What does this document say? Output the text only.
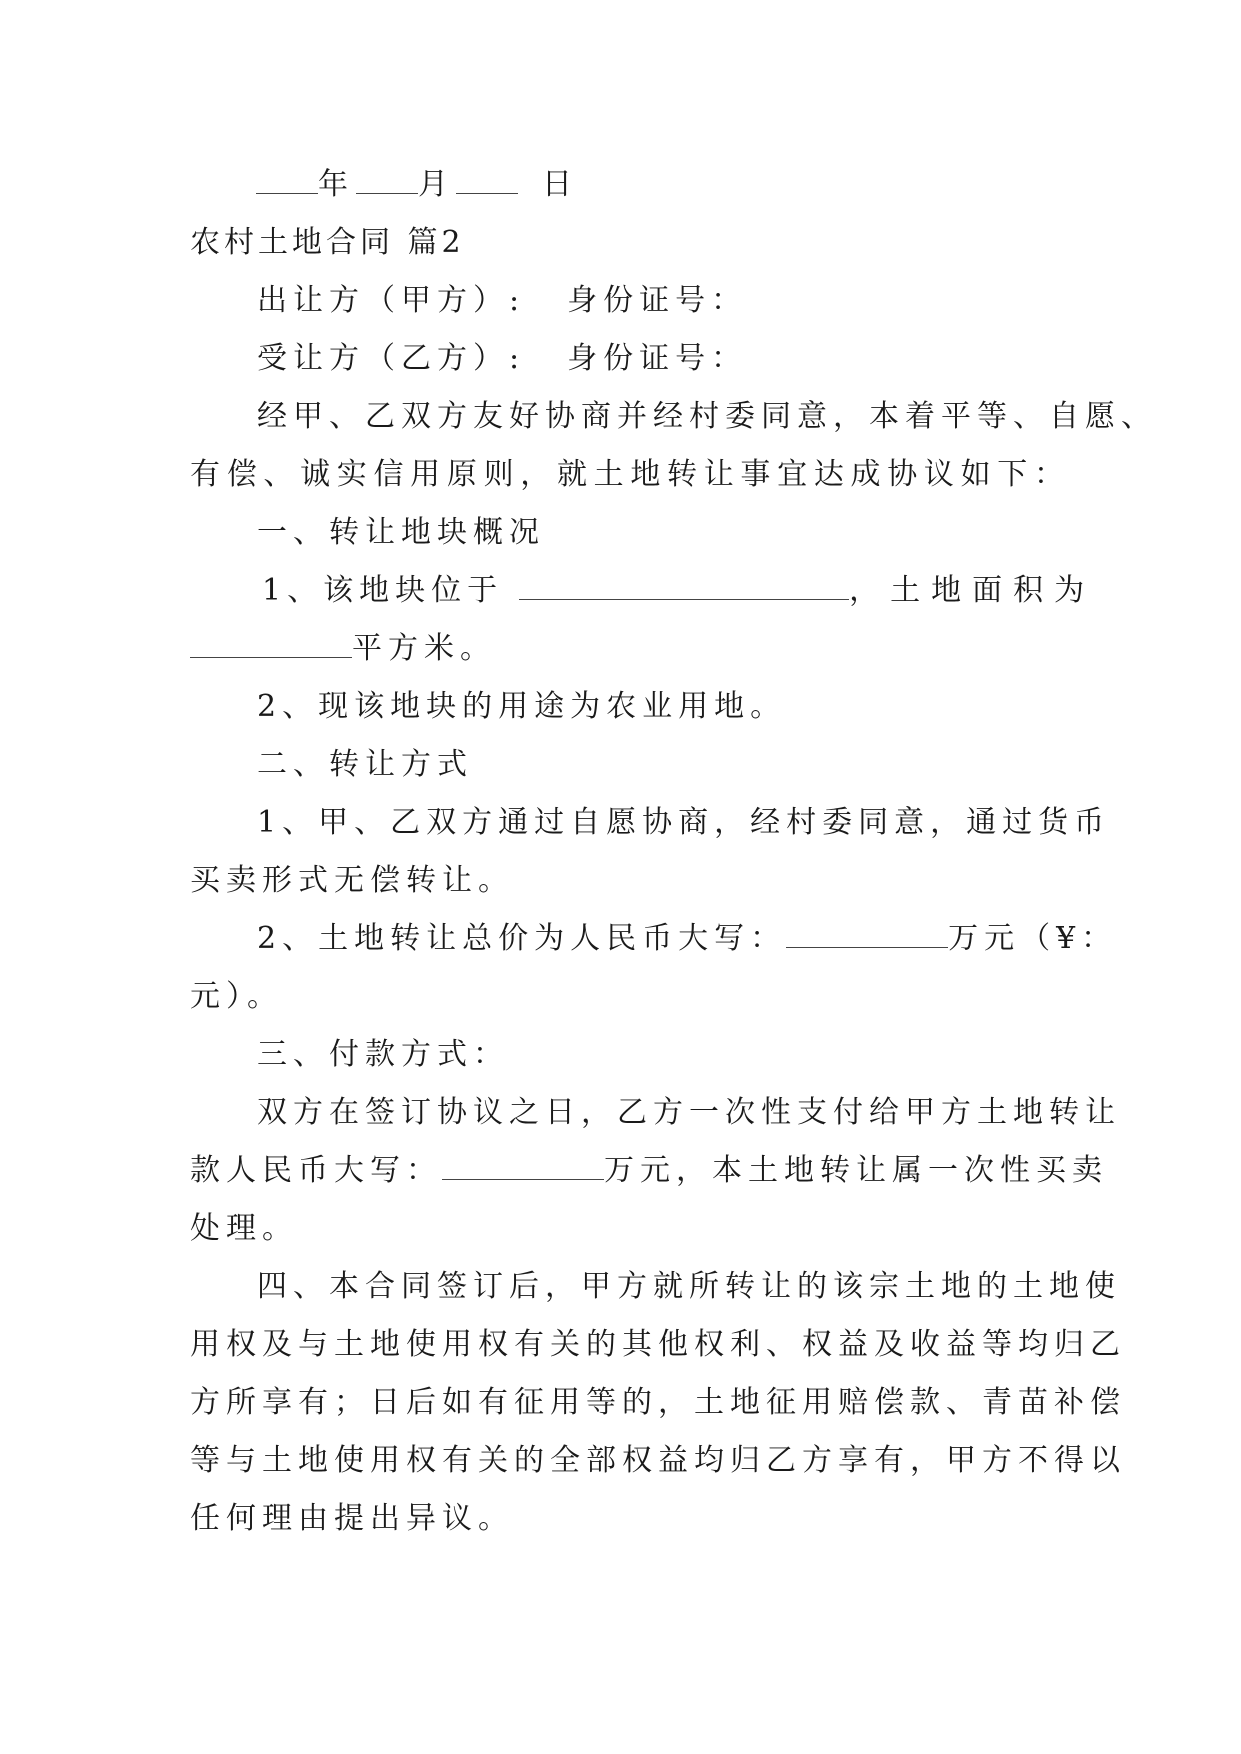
年 月	日
农村土地合同 篇2
出让方（甲方）: 身份证号：
受让方（乙方）: 身份证号：
经甲、乙双方友好协商并经村委同意，本着平等、自愿、
有偿、诚实信用原则，就土地转让事宜达成协议如下：
一、转让地块概况
1、该地块位于	，土地面积为
平方米。
2、现该地块的用途为农业用地。
二、转让方式
1、甲、乙双方通过自愿协商，经村委同意，通过货币
买卖形式无偿转让。
2、土地转让总价为人民币大写：	万元（¥：
元）。
三、付款方式：
双方在签订协议之日，乙方一次性支付给甲方土地转让
款人民币大写：	万元，本土地转让属一次性买卖
处理。
四、本合同签订后，甲方就所转让的该宗土地的土地使
用权及与土地使用权有关的其他权利、权益及收益等均归乙
方所享有；日后如有征用等的，土地征用赔偿款、青苗补偿
等与土地使用权有关的全部权益均归乙方享有，甲方不得以
任何理由提出异议。
